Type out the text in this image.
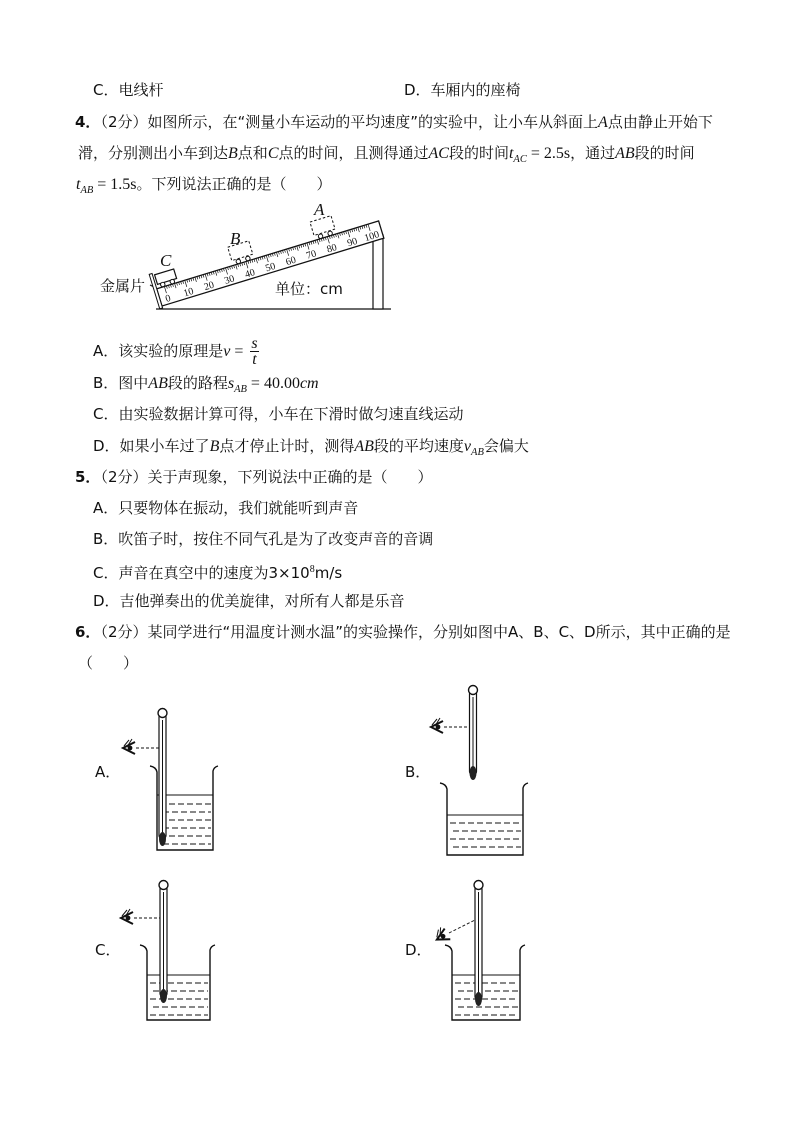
C．电线杆	D．车厢内的座椅
4．（2分）如图所示，在“测量小车运动的平均速度”的实验中，让小车从斜面上A点由静止开始下
滑，分别测出小车到达B点和C点的时间，且测得通过AC段的时间$t_{AC} = 2.5s$，通过AB段的时间
$t_{AB} = 1.5s$。下列说法正确的是（　　）
金属片
0 10 20 30 40 50 60 70 80 90 100
C
B
A
单位：cm
A．该实验的原理是$v = \frac{s}{t}$
B．图中AB段的路程$s_{AB} = 40.00cm$
C．由实验数据计算可得，小车在下滑时做匀速直线运动
D．如果小车过了B点才停止计时，测得AB段的平均速度$v_{AB}$会偏大
5．（2分）关于声现象，下列说法中正确的是（　　）
A．只要物体在振动，我们就能听到声音
B．吹笛子时，按住不同气孔是为了改变声音的音调
C．声音在真空中的速度为$3\times 10^8m/s$
D．吉他弹奏出的优美旋律，对所有人都是乐音
6．（2分）某同学进行“用温度计测水温”的实验操作，分别如图中A、B、C、D所示，其中正确的是
（　　）
A．	B．
C．	D．
